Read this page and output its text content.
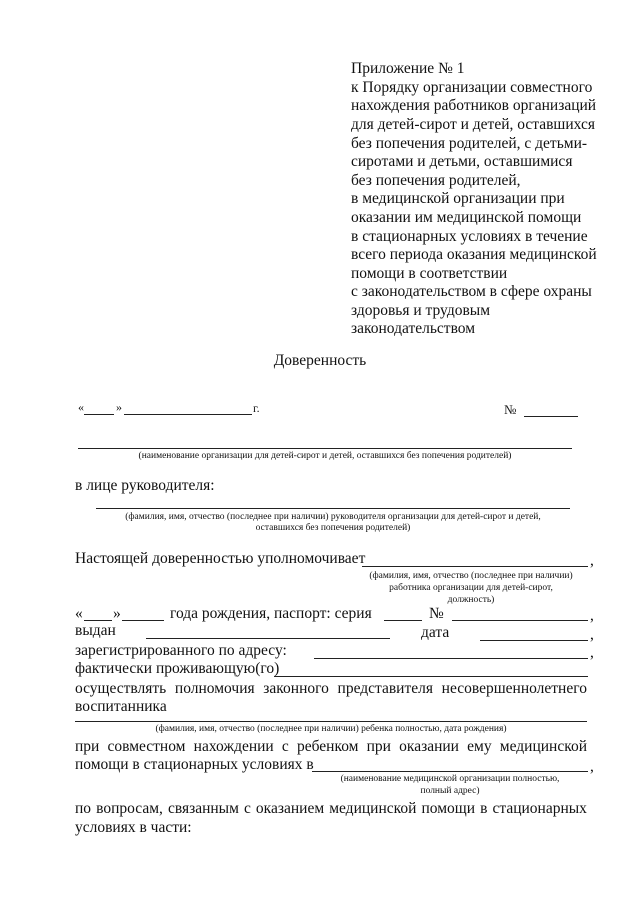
Приложение № 1
к Порядку организации совместного
нахождения работников организаций
для детей-сирот и детей, оставшихся
без попечения родителей, с детьми-
сиротами и детьми, оставшимися
без попечения родителей,
в медицинской организации при
оказании им медицинской помощи
в стационарных условиях в течение
всего периода оказания медицинской
помощи в соответствии
с законодательством в сфере охраны
здоровья и трудовым
законодательством
Доверенность
«	»	г.	№
(наименование организации для детей-сирот и детей, оставшихся без попечения родителей)
в лице руководителя:
(фамилия, имя, отчество (последнее при наличии) руководителя организации для детей-сирот и детей,
оставшихся без попечения родителей)
Настоящей доверенностью уполномочивает	,
(фамилия, имя, отчество (последнее при наличии)
работника организации для детей-сирот,
должность)
« »	года рождения, паспорт: серия	№	,
выдан	дата	,
зарегистрированного по адресу:	,
фактически проживающую(го)
осуществлять полномочия законного представителя несовершеннолетнего
воспитанника
(фамилия, имя, отчество (последнее при наличии) ребенка полностью, дата рождения)
при совместном нахождении с ребенком при оказании ему медицинской
помощи в стационарных условиях в	,
(наименование медицинской организации полностью,
полный адрес)
по вопросам, связанным с оказанием медицинской помощи в стационарных
условиях в части:
